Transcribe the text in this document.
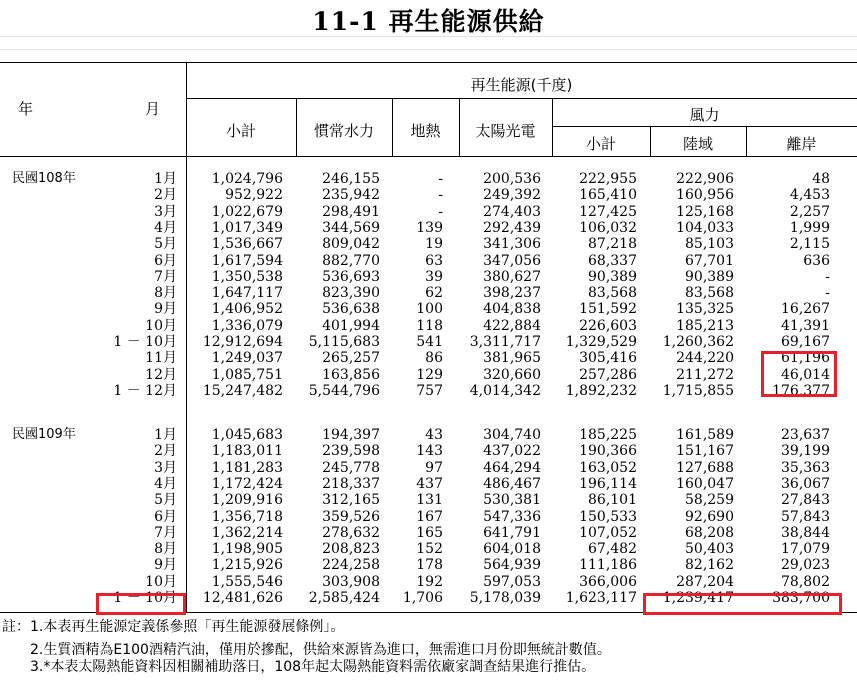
11-1 再生能源供給
年	月
再生能源(千度)
小計	慣常水力	地熱	太陽光電
風力
小計	陸域	離岸
民國108年	1月 1,024,796	246,155	-	200,536	222,955	222,906	48
2月	952,922	235,942	-	249,392	165,410	160,956	4,453
3月 1,022,679	298,491	-	274,403	127,425	125,168	2,257
4月 1,017,349	344,569	139	292,439	106,032	104,033	1,999
5月 1,536,667	809,042	19	341,306	87,218	85,103	2,115
6月 1,617,594	882,770	63	347,056	68,337	67,701	636
7月 1,350,538	536,693	39	380,627	90,389	90,389	-
8月 1,647,117	823,390	62	398,237	83,568	83,568	-
9月 1,406,952	536,638	100	404,838	151,592	135,325	16,267
10月 1,336,079	401,994	118	422,884	226,603	185,213	41,391
1 － 10月 12,912,694 5,115,683	541 3,311,717 1,329,529 1,260,362	69,167
11月 1,249,037	265,257	86	381,965	305,416	244,220	61,196
12月 1,085,751	163,856	129	320,660	257,286	211,272	46,014
1 － 12月 15,247,482 5,544,796	757 4,014,342 1,892,232 1,715,855	176,377
民國109年	1月 1,045,683	194,397	43	304,740	185,225	161,589	23,637
2月 1,183,011	239,598	143	437,022	190,366	151,167	39,199
3月 1,181,283	245,778	97	464,294	163,052	127,688	35,363
4月 1,172,424	218,337	437	486,467	196,114	160,047	36,067
5月 1,209,916	312,165	131	530,381	86,101	58,259	27,843
6月 1,356,718	359,526	167	547,336	150,533	92,690	57,843
7月 1,362,214	278,632	165	641,791	107,052	68,208	38,844
8月 1,198,905	208,823	152	604,018	67,482	50,403	17,079
9月 1,215,926	224,258	178	564,939	111,186	82,162	29,023
10月 1,555,546	303,908	192	597,053	366,006	287,204	78,802
1 － 10月 12,481,626 2,585,424 1,706 5,178,039 1,623,117 1,239,417	383,700
註：1.本表再生能源定義係參照「再生能源發展條例」。
　　2.生質酒精為E100酒精汽油，僅用於摻配，供給來源皆為進口，無需進口月份即無統計數值。
　　3.*本表太陽熱能資料因相關補助落日，108年起太陽熱能資料需依廠家調查結果進行推估。
